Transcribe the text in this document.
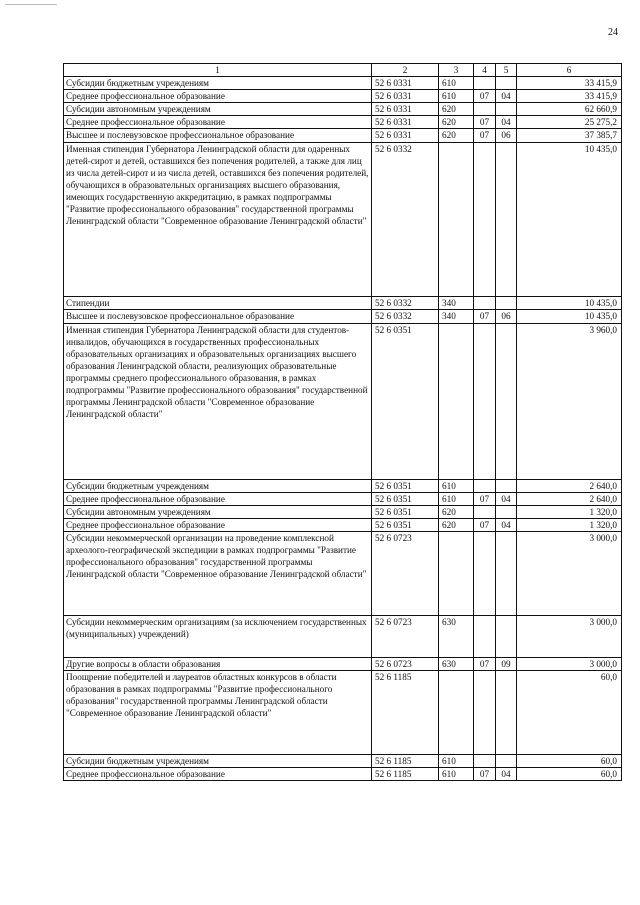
24
1	2	3	4	5	6
Субсидии бюджетным учреждениям	52 6 0331	610			33 415,9
Среднее профессиональное образование	52 6 0331	610	07	04	33 415,9
Субсидии автономным учреждениям	52 6 0331	620			62 660,9
Среднее профессиональное образование	52 6 0331	620	07	04	25 275,2
Высшее и послевузовское профессиональное образование	52 6 0331	620	07	06	37 385,7
Именная стипендия Губернатора Ленинградской области для одаренных детей-сирот и детей, оставшихся без попечения родителей, а также для лиц из числа детей-сирот и из числа детей, оставшихся без попечения родителей, обучающихся в образовательных организациях высшего образования, имеющих государственную аккредитацию, в рамках подпрограммы "Развитие профессионального образования" государственной программы Ленинградской области "Современное образование Ленинградской области"	52 6 0332				10 435,0
Стипендии	52 6 0332	340			10 435,0
Высшее и послевузовское профессиональное образование	52 6 0332	340	07	06	10 435,0
Именная стипендия Губернатора Ленинградской области для студентов-инвалидов, обучающихся в государственных профессиональных образовательных организациях и образовательных организациях высшего образования Ленинградской области, реализующих образовательные программы среднего профессионального образования, в рамках подпрограммы "Развитие профессионального образования" государственной программы Ленинградской области "Современное образование Ленинградской области"	52 6 0351				3 960,0
Субсидии бюджетным учреждениям	52 6 0351	610			2 640,0
Среднее профессиональное образование	52 6 0351	610	07	04	2 640,0
Субсидии автономным учреждениям	52 6 0351	620			1 320,0
Среднее профессиональное образование	52 6 0351	620	07	04	1 320,0
Субсидии некоммерческой организации на проведение комплексной археолого-географической экспедиции в рамках подпрограммы "Развитие профессионального образования" государственной программы Ленинградской области "Современное образование Ленинградской области"	52 6 0723				3 000,0
Субсидии некоммерческим организациям (за исключением государственных (муниципальных) учреждений)	52 6 0723	630			3 000,0
Другие вопросы в области образования	52 6 0723	630	07	09	3 000,0
Поощрение победителей и лауреатов областных конкурсов в области образования в рамках подпрограммы "Развитие профессионального образования" государственной программы Ленинградской области "Современное образование Ленинградской области"	52 6 1185				60,0
Субсидии бюджетным учреждениям	52 6 1185	610			60,0
Среднее профессиональное образование	52 6 1185	610	07	04	60,0
